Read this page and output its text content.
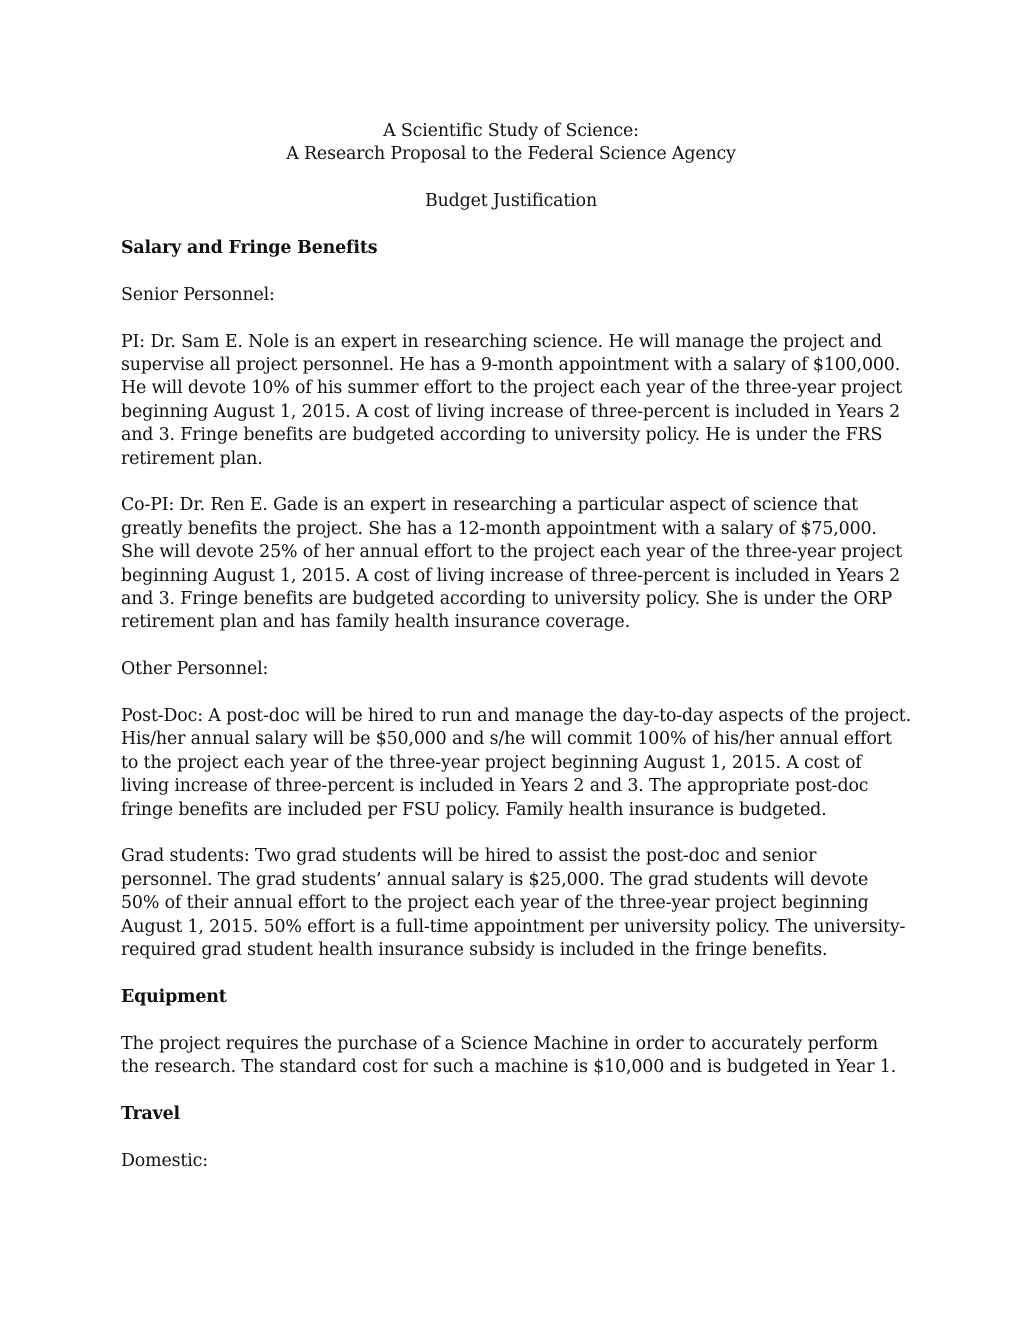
A Scientific Study of Science:

A Research Proposal to the Federal Science Agency

Budget Justification

Salary and Fringe Benefits

Senior Personnel:

PI: Dr. Sam E. Nole is an expert in researching science. He will manage the project and supervise all project personnel. He has a 9-month appointment with a salary of $100,000. He will devote 10% of his summer effort to the project each year of the three-year project beginning August 1, 2015. A cost of living increase of three-percent is included in Years 2 and 3. Fringe benefits are budgeted according to university policy. He is under the FRS retirement plan.

Co-PI: Dr. Ren E. Gade is an expert in researching a particular aspect of science that greatly benefits the project. She has a 12-month appointment with a salary of $75,000. She will devote 25% of her annual effort to the project each year of the three-year project beginning August 1, 2015. A cost of living increase of three-percent is included in Years 2 and 3. Fringe benefits are budgeted according to university policy. She is under the ORP retirement plan and has family health insurance coverage.

Other Personnel:

Post-Doc: A post-doc will be hired to run and manage the day-to-day aspects of the project. His/her annual salary will be $50,000 and s/he will commit 100% of his/her annual effort to the project each year of the three-year project beginning August 1, 2015. A cost of living increase of three-percent is included in Years 2 and 3. The appropriate post-doc fringe benefits are included per FSU policy. Family health insurance is budgeted.

Grad students: Two grad students will be hired to assist the post-doc and senior personnel. The grad students’ annual salary is $25,000. The grad students will devote 50% of their annual effort to the project each year of the three-year project beginning August 1, 2015. 50% effort is a full-time appointment per university policy. The university-required grad student health insurance subsidy is included in the fringe benefits.

Equipment

The project requires the purchase of a Science Machine in order to accurately perform the research. The standard cost for such a machine is $10,000 and is budgeted in Year 1.

Travel

Domestic:
